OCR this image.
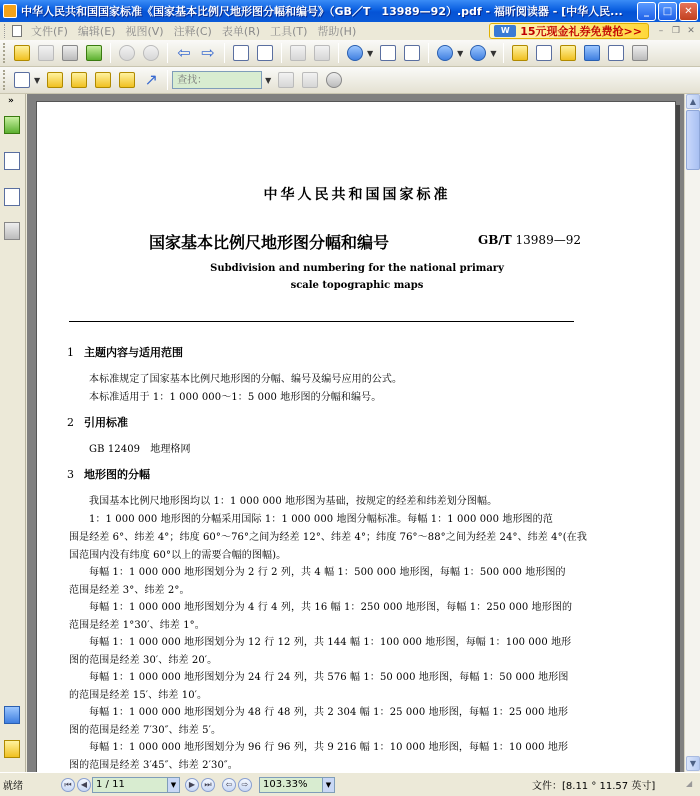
中华人民共和国国家标准《国家基本比例尺地形图分幅和编号》（GB／T　13989—92）.pdf - 福昕阅读器 - [中华人民...	_	□	✕
文件(F) 编辑(E) 视图(V) 注释(C) 表单(R) 工具(T) 帮助(H)	W 15元现金礼券免费抢>>	– ❐ ✕
⇦ ⇨	▼	▼	▼
▼	↗
查找：	▼
»
中华人民共和国国家标准
国家基本比例尺地形图分幅和编号	GB/T 13989—92
Subdivision and numbering for the national primary
scale topographic maps
1 主题内容与适用范围
本标准规定了国家基本比例尺地形图的分幅、编号及编号应用的公式。
本标准适用于 1：1 000 000～1：5 000 地形图的分幅和编号。
2 引用标准
GB 12409　地理格网
3 地形图的分幅
我国基本比例尺地形图均以 1：1 000 000 地形图为基础，按规定的经差和纬差划分图幅。
1：1 000 000 地形图的分幅采用国际 1：1 000 000 地图分幅标准。每幅 1：1 000 000 地形图的范
围是经差 6°、纬差 4°；纬度 60°～76°之间为经差 12°、纬差 4°；纬度 76°～88°之间为经差 24°、纬差 4°(在我
国范围内没有纬度 60°以上的需要合幅的图幅)。
每幅 1：1 000 000 地形图划分为 2 行 2 列，共 4 幅 1：500 000 地形图，每幅 1：500 000 地形图的
范围是经差 3°、纬差 2°。
每幅 1：1 000 000 地形图划分为 4 行 4 列，共 16 幅 1：250 000 地形图，每幅 1：250 000 地形图的
范围是经差 1°30′、纬差 1°。
每幅 1：1 000 000 地形图划分为 12 行 12 列，共 144 幅 1：100 000 地形图，每幅 1：100 000 地形
图的范围是经差 30′、纬差 20′。
每幅 1：1 000 000 地形图划分为 24 行 24 列，共 576 幅 1：50 000 地形图，每幅 1：50 000 地形图
的范围是经差 15′、纬差 10′。
每幅 1：1 000 000 地形图划分为 48 行 48 列，共 2 304 幅 1：25 000 地形图，每幅 1：25 000 地形
图的范围是经差 7′30″、纬差 5′。
每幅 1：1 000 000 地形图划分为 96 行 96 列，共 9 216 幅 1：10 000 地形图，每幅 1：10 000 地形
图的范围是经差 3′45″、纬差 2′30″。
▲
▼
就绪	⏮	◀ 1 / 11	▼	▶	⏭	⇦	⇨	103.33%	▼	文件：[8.11 ° 11.57 英寸]	◢
